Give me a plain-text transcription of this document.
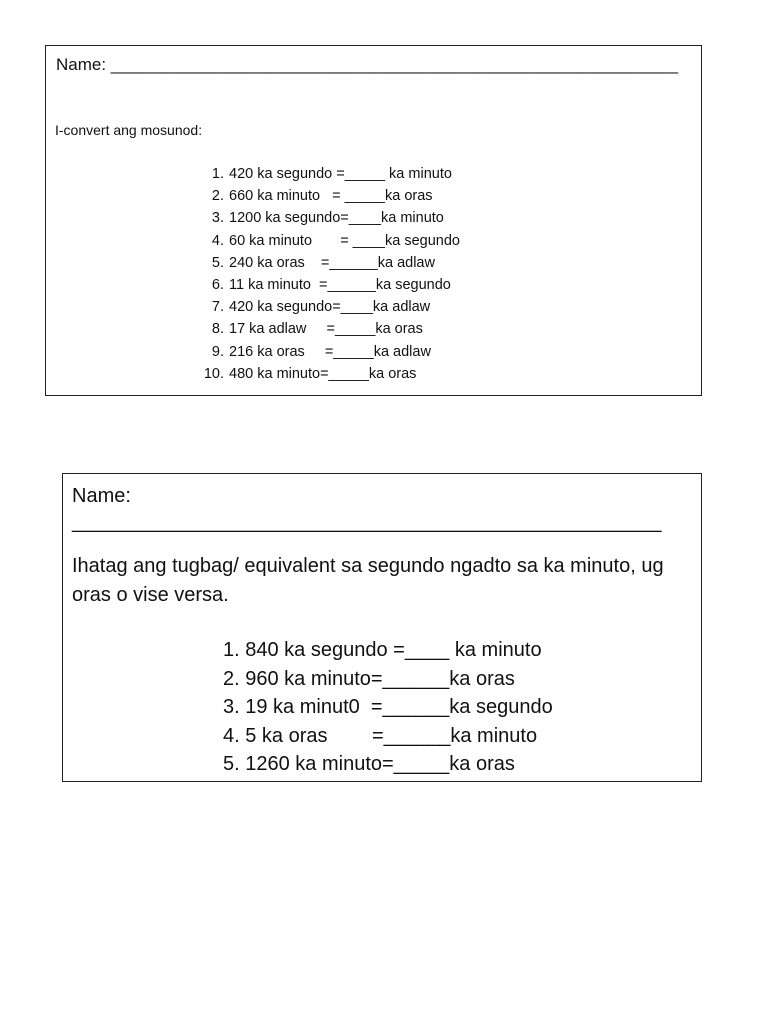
Name: ____________________________________________________________
I-convert ang mosunod:
1. 420 ka segundo =_____ ka minuto
2. 660 ka minuto   = _____ka oras
3. 1200 ka segundo=____ka minuto
4. 60 ka minuto       = ____ka segundo
5. 240 ka oras    =______ka adlaw
6. 11 ka minuto  =______ka segundo
7. 420 ka segundo=____ka adlaw
8. 17 ka adlaw     =_____ka oras
9. 216 ka oras     =_____ka adlaw
10. 480 ka minuto=_____ka oras
Name:
_____________________________________________________
Ihatag ang tugbag/ equivalent sa segundo ngadto sa ka minuto, ug oras o vise versa.
1. 840 ka segundo =____ ka minuto
2. 960 ka minuto=______ka oras
3. 19 ka minut0  =______ka segundo
4. 5 ka oras        =______ka minuto
5. 1260 ka minuto=_____ka oras
